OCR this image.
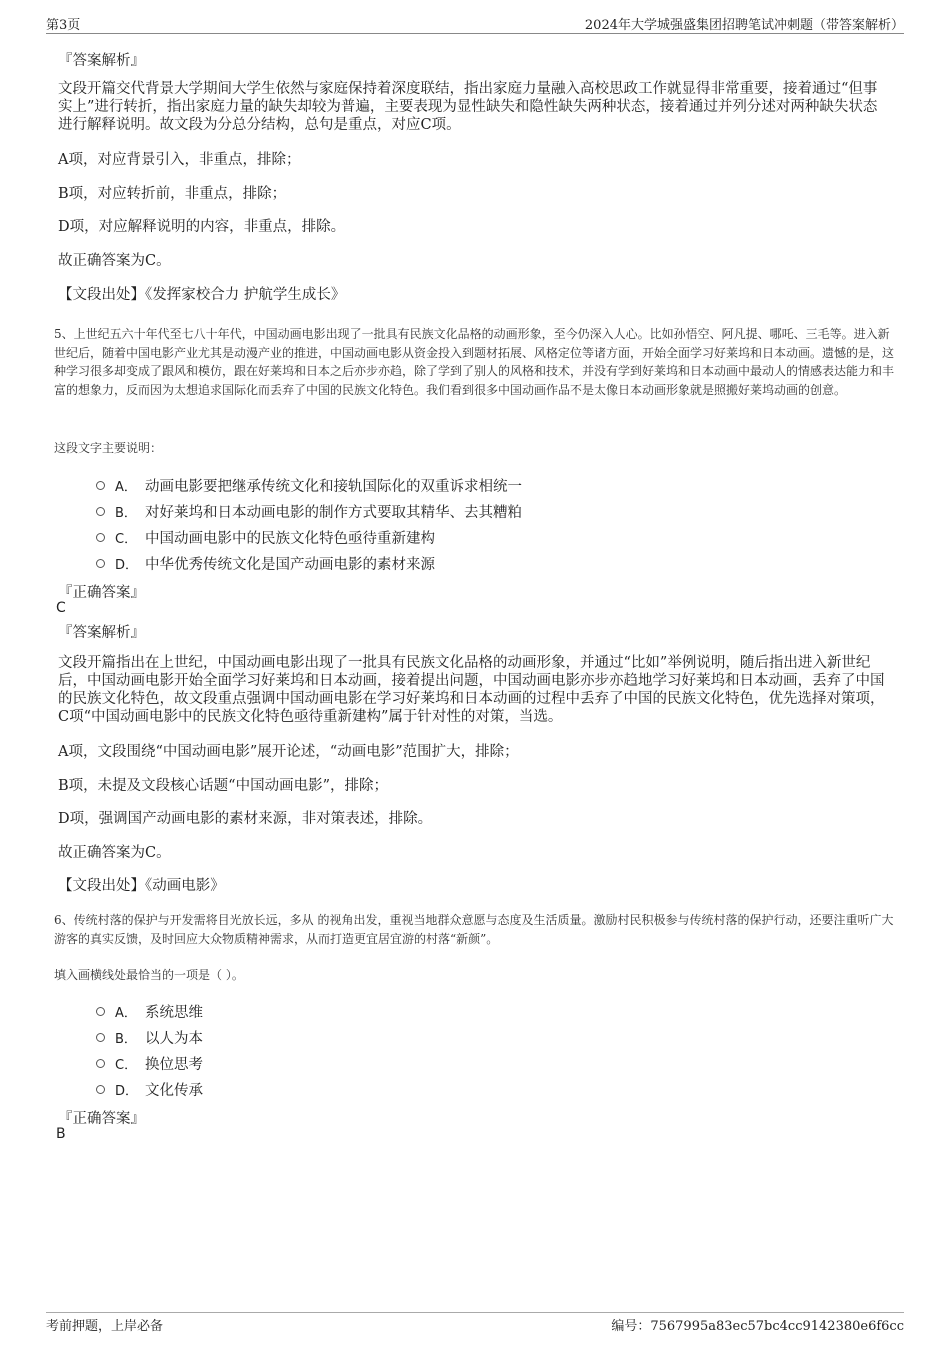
第3页	2024年大学城强盛集团招聘笔试冲刺题（带答案解析）
『答案解析』
文段开篇交代背景大学期间大学生依然与家庭保持着深度联结，指出家庭力量融入高校思政工作就显得非常重要，接着通过“但事实上”进行转折，指出家庭力量的缺失却较为普遍，主要表现为显性缺失和隐性缺失两种状态，接着通过并列分述对两种缺失状态进行解释说明。故文段为分总分结构，总句是重点，对应C项。
A项，对应背景引入，非重点，排除；
B项，对应转折前，非重点，排除；
D项，对应解释说明的内容，非重点，排除。
故正确答案为C。
【文段出处】《发挥家校合力 护航学生成长》
5、上世纪五六十年代至七八十年代，中国动画电影出现了一批具有民族文化品格的动画形象，至今仍深入人心。比如孙悟空、阿凡提、哪吒、三毛等。进入新世纪后，随着中国电影产业尤其是动漫产业的推进，中国动画电影从资金投入到题材拓展、风格定位等诸方面，开始全面学习好莱坞和日本动画。遗憾的是，这种学习很多却变成了跟风和模仿，跟在好莱坞和日本之后亦步亦趋，除了学到了别人的风格和技术，并没有学到好莱坞和日本动画中最动人的情感表达能力和丰富的想象力，反而因为太想追求国际化而丢弃了中国的民族文化特色。我们看到很多中国动画作品不是太像日本动画形象就是照搬好莱坞动画的创意。
这段文字主要说明：
A． 动画电影要把继承传统文化和接轨国际化的双重诉求相统一
B． 对好莱坞和日本动画电影的制作方式要取其精华、去其糟粕
C． 中国动画电影中的民族文化特色亟待重新建构
D． 中华优秀传统文化是国产动画电影的素材来源
『正确答案』
C
『答案解析』
文段开篇指出在上世纪，中国动画电影出现了一批具有民族文化品格的动画形象，并通过“比如”举例说明，随后指出进入新世纪后，中国动画电影开始全面学习好莱坞和日本动画，接着提出问题，中国动画电影亦步亦趋地学习好莱坞和日本动画，丢弃了中国的民族文化特色，故文段重点强调中国动画电影在学习好莱坞和日本动画的过程中丢弃了中国的民族文化特色，优先选择对策项，C项“中国动画电影中的民族文化特色亟待重新建构”属于针对性的对策，当选。
A项，文段围绕“中国动画电影”展开论述，“动画电影”范围扩大，排除；
B项，未提及文段核心话题“中国动画电影”，排除；
D项，强调国产动画电影的素材来源，非对策表述，排除。
故正确答案为C。
【文段出处】《动画电影》
6、传统村落的保护与开发需将目光放长远，多从 的视角出发，重视当地群众意愿与态度及生活质量。激励村民积极参与传统村落的保护行动，还要注重听广大游客的真实反馈，及时回应大众物质精神需求，从而打造更宜居宜游的村落“新颜”。
填入画横线处最恰当的一项是（ ）。
A． 系统思维
B． 以人为本
C． 换位思考
D． 文化传承
『正确答案』
B
考前押题，上岸必备	编号：7567995a83ec57bc4cc9142380e6f6cc
